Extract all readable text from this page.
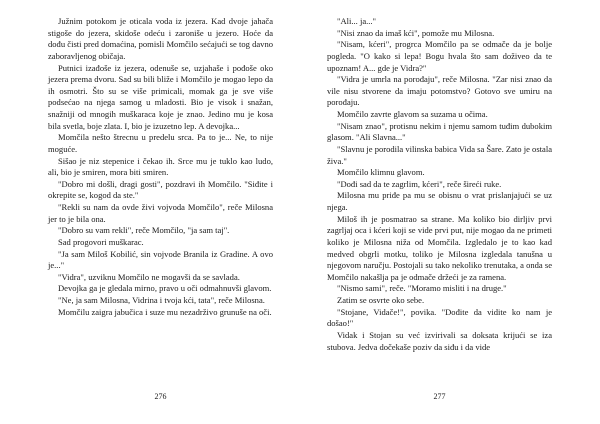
Južnim potokom je oticala voda iz jezera. Kad dvoje jahača stigoše do jezera, skidoše odeću i zaroniše u jezero. Hoće da dođu čisti pred domaćina, pomisli Momčilo sećajući se tog davno zaboravljenog običaja.

Putnici izađoše iz jezera, odenuše se, uzjahaše i pođoše oko jezera prema dvoru. Sad su bili bliže i Momčilo je mogao lepo da ih osmotri. Što su se više primicali, momak ga je sve više podsećao na njega samog u mladosti. Bio je visok i snažan, snažniji od mnogih muškaraca koje je znao. Jedino mu je kosa bila svetla, boje zlata. I, bio je izuzetno lep. A devojka...

Momčila nešto štrecnu u predelu srca. Pa to je... Ne, to nije moguće.

Sišao je niz stepenice i čekao ih. Srce mu je tuklo kao ludo, ali, bio je smiren, mora biti smiren.

"Dobro mi došli, dragi gosti", pozdravi ih Momčilo. "Siđite i okrepite se, kogod da ste."

"Rekli su nam da ovde živi vojvoda Momčilo", reče Milosna jer to je bila ona.

"Dobro su vam rekli", reče Momčilo, "ja sam taj".

Sad progovori muškarac.

"Ja sam Miloš Kobilić, sin vojvode Branila iz Gradine. A ovo je..."

"Vidra", uzviknu Momčilo ne mogavši da se savlada.

Devojka ga je gledala mirno, pravo u oči odmahnuvši glavom.

"Ne, ja sam Milosna, Vidrina i tvoja kći, tata", reče Milosna.

Momčilu zaigra jabučica i suze mu nezadrživo grunuše na oči.

276

"Ali... ja..."

"Nisi znao da imaš kći", pomože mu Milosna.

"Nisam, kćeri", progrca Momčilo pa se odmače da je bolje pogleda. "O kako si lepa! Bogu hvala što sam doživeo da te upoznam! A... gde je Vidra?"

"Vidra je umrla na porođaju", reče Milosna. "Zar nisi znao da vile nisu stvorene da imaju potomstvo? Gotovo sve umiru na porođaju.

Momčilo zavrte glavom sa suzama u očima.

"Nisam znao", protisnu nekim i njemu samom tuđim dubokim glasom. "Ali Slavna..."

"Slavnu je porodila vilinska babica Vida sa Šare. Zato je ostala živa."

Momčilo klimnu glavom.

"Dođi sad da te zagrlim, kćeri", reče šireći ruke.

Milosna mu priđe pa mu se obisnu o vrat prislanjajući se uz njega.

Miloš ih je posmatrao sa strane. Ma koliko bio dirljiv prvi zagrljaj oca i kćeri koji se vide prvi put, nije mogao da ne primeti koliko je Milosna niža od Momčila. Izgledalo je to kao kad medved obgrli motku, toliko je Milosna izgledala tanušna u njegovom naručju. Postojali su tako nekoliko trenutaka, a onda se Momčilo nakašlja pa je odmače držeći je za ramena.

"Nismo sami", reče. "Moramo misliti i na druge."

Zatim se osvrte oko sebe.

"Stojane, Vidače!", povika. "Dođite da vidite ko nam je došao!"

Vidak i Stojan su već izvirivali sa doksata krijući se iza stubova. Jedva dočekaše poziv da siđu i da vide

277
